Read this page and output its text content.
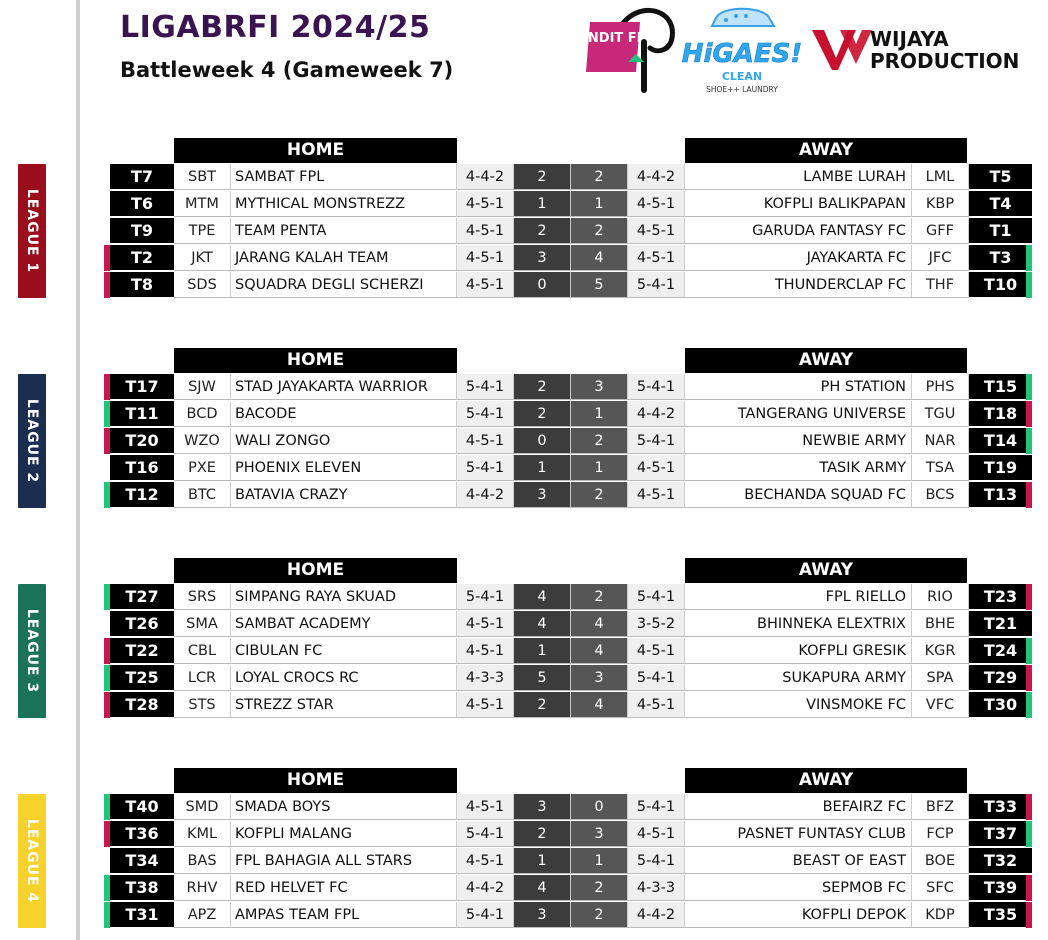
LIGABRFI 2024/25
Battleweek 4 (Gameweek 7)
PANDIT FPL
HiGAES!
CLEAN
SHOE++ LAUNDRY
WIJAYA
PRODUCTION
LEAGUE 1
HOME	AWAY
T7	SBT	SAMBAT FPL	4-4-2	2	2	4-4-2	LAMBE LURAH	LML	T5
T6	MTM	MYTHICAL MONSTREZZ	4-5-1	1	1	4-5-1	KOFPLI BALIKPAPAN	KBP	T4
T9	TPE	TEAM PENTA	4-5-1	2	2	4-5-1	GARUDA FANTASY FC	GFF	T1
T2	JKT	JARANG KALAH TEAM	4-5-1	3	4	4-5-1	JAYAKARTA FC	JFC	T3
T8	SDS	SQUADRA DEGLI SCHERZI	4-5-1	0	5	5-4-1	THUNDERCLAP FC	THF	T10
LEAGUE 2
HOME	AWAY
T17	SJW	STAD JAYAKARTA WARRIOR	5-4-1	2	3	5-4-1	PH STATION	PHS	T15
T11	BCD	BACODE	5-4-1	2	1	4-4-2	TANGERANG UNIVERSE	TGU	T18
T20	WZO	WALI ZONGO	4-5-1	0	2	5-4-1	NEWBIE ARMY	NAR	T14
T16	PXE	PHOENIX ELEVEN	5-4-1	1	1	4-5-1	TASIK ARMY	TSA	T19
T12	BTC	BATAVIA CRAZY	4-4-2	3	2	4-5-1	BECHANDA SQUAD FC	BCS	T13
LEAGUE 3
HOME	AWAY
T27	SRS	SIMPANG RAYA SKUAD	5-4-1	4	2	5-4-1	FPL RIELLO	RIO	T23
T26	SMA	SAMBAT ACADEMY	4-5-1	4	4	3-5-2	BHINNEKA ELEXTRIX	BHE	T21
T22	CBL	CIBULAN FC	4-5-1	1	4	4-5-1	KOFPLI GRESIK	KGR	T24
T25	LCR	LOYAL CROCS RC	4-3-3	5	3	5-4-1	SUKAPURA ARMY	SPA	T29
T28	STS	STREZZ STAR	4-5-1	2	4	4-5-1	VINSMOKE FC	VFC	T30
LEAGUE 4
HOME	AWAY
T40	SMD	SMADA BOYS	4-5-1	3	0	5-4-1	BEFAIRZ FC	BFZ	T33
T36	KML	KOFPLI MALANG	5-4-1	2	3	4-5-1	PASNET FUNTASY CLUB	FCP	T37
T34	BAS	FPL BAHAGIA ALL STARS	4-5-1	1	1	5-4-1	BEAST OF EAST	BOE	T32
T38	RHV	RED HELVET FC	4-4-2	4	2	4-3-3	SEPMOB FC	SFC	T39
T31	APZ	AMPAS TEAM FPL	5-4-1	3	2	4-4-2	KOFPLI DEPOK	KDP	T35
